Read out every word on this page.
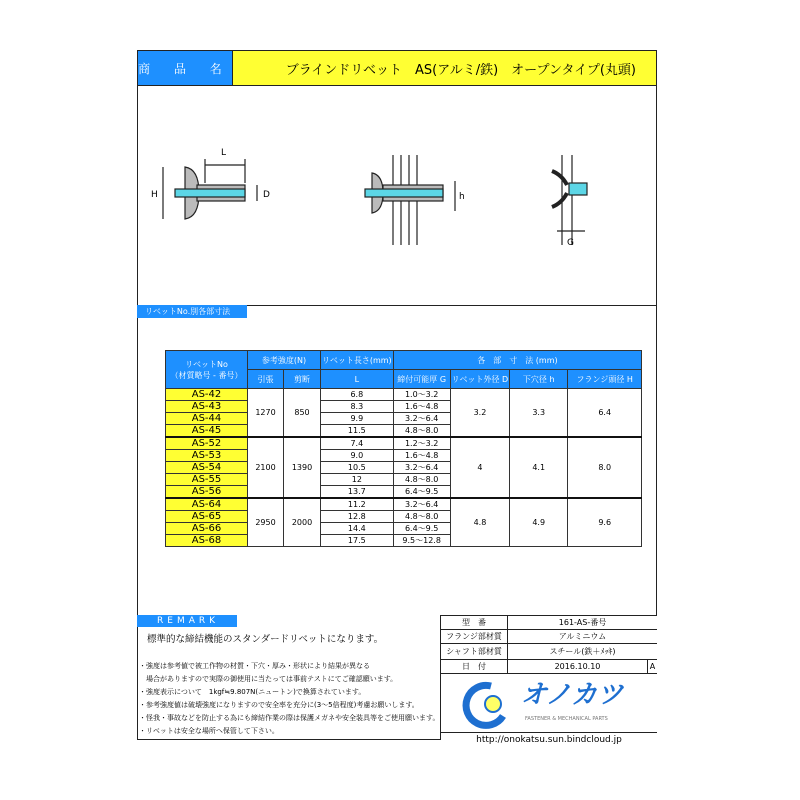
商 品 名	ブラインドリベット　AS(アルミ/鉄)　オープンタイプ(丸頭)
L
H	D	h
G
リベットNo.別各部寸法
リベットNo
（材質略号 - 番号）	参考強度(N)		リベット長さ(mm)	各　部　寸　法 (mm)			
	引張	剪断	L	締付可能厚 G	リベット外径 D	下穴径 h	フランジ頭径 H
AS-42	1270	850	6.8	1.0～3.2	3.2	3.3	6.4
AS-43			8.3	1.6～4.8			
AS-44			9.9	3.2～6.4			
AS-45			11.5	4.8～8.0			
AS-52	2100	1390	7.4	1.2～3.2	4	4.1	8.0
AS-53			9.0	1.6～4.8			
AS-54			10.5	3.2～6.4			
AS-55			12	4.8～8.0			
AS-56			13.7	6.4～9.5			
AS-64	2950	2000	11.2	3.2～6.4	4.8	4.9	9.6
AS-65			12.8	4.8～8.0			
AS-66			14.4	6.4～9.5			
AS-68			17.5	9.5～12.8			
REMARK
標準的な締結機能のスタンダードリベットになります。
・強度は参考値で被工作物の材質・下穴・厚み・形状により結果が異なる
　場合がありますので実際の御使用に当たっては事前テストにてご確認願います。
・強度表示について　1kgf≒9.807N(ニュートン)で換算されています。
・参考強度値は破壊強度になりますので安全率を充分に(3～5倍程度)考慮お願いします。
・怪我・事故などを防止する為にも締結作業の際は保護メガネや安全装具等をご使用願います。
・リベットは安全な場所へ保管して下さい。
型　番	161-AS-番号
フランジ部材質	アルミニウム
シャフト部材質	スチール(鉄＋ﾒｯｷ)
日　付	2016.10.10	A
オノカツ
FASTENER & MECHANICAL PARTS
http://onokatsu.sun.bindcloud.jp
